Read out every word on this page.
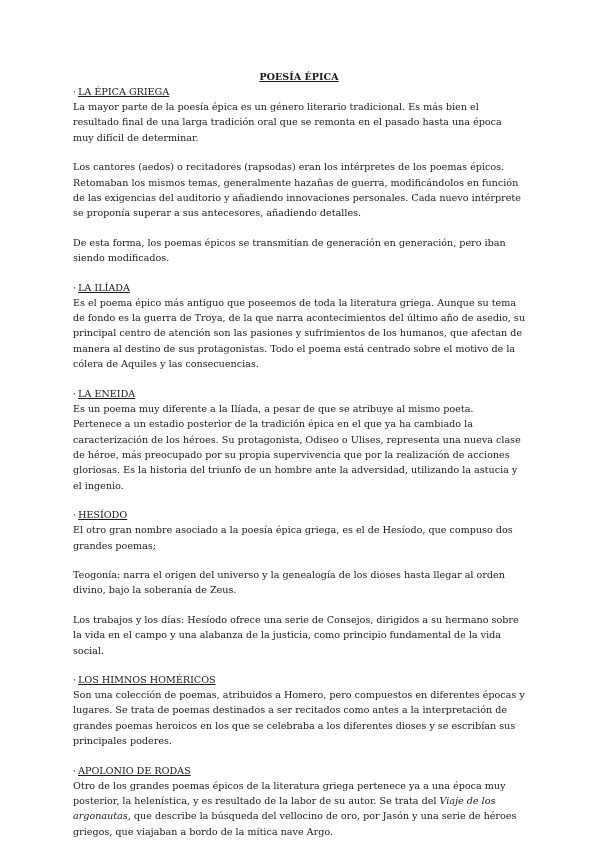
POESÍA ÉPICA

· LA ÉPICA GRIEGA

La mayor parte de la poesía épica es un género literario tradicional. Es más bien el resultado final de una larga tradición oral que se remonta en el pasado hasta una época muy difícil de determinar.

Los cantores (aedos) o recitadores (rapsodas) eran los intérpretes de los poemas épicos. Retomaban los mismos temas, generalmente hazañas de guerra, modificándolos en función de las exigencias del auditorio y añadiendo innovaciones personales. Cada nuevo intérprete se proponía superar a sus antecesores, añadiendo detalles.

De esta forma, los poemas épicos se transmitían de generación en generación, pero iban siendo modificados.

· LA ILÍADA

Es el poema épico más antiguo que poseemos de toda la literatura griega. Aunque su tema de fondo es la guerra de Troya, de la que narra acontecimientos del último año de asedio, su principal centro de atención son las pasiones y sufrimientos de los humanos, que afectan de manera al destino de sus protagonistas. Todo el poema está centrado sobre el motivo de la cólera de Aquiles y las consecuencias.

· LA ENEIDA

Es un poema muy diferente a la Ilíada, a pesar de que se atribuye al mismo poeta. Pertenece a un estadio posterior de la tradición épica en el que ya ha cambiado la caracterización de los héroes. Su protagonista, Odiseo o Ulises, representa una nueva clase de héroe, más preocupado por su propia supervivencia que por la realización de acciones gloriosas. Es la historia del triunfo de un hombre ante la adversidad, utilizando la astucia y el ingenio.

· HESÍODO

El otro gran nombre asociado a la poesía épica griega, es el de Hesíodo, que compuso dos grandes poemas;

Teogonía: narra el origen del universo y la genealogía de los dioses hasta llegar al orden divino, bajo la soberanía de Zeus.

Los trabajos y los días: Hesíodo ofrece una serie de Consejos, dirigidos a su hermano sobre la vida en el campo y una alabanza de la justicia, como principio fundamental de la vida social.

· LOS HIMNOS HOMÉRICOS

Son una colección de poemas, atribuidos a Homero, pero compuestos en diferentes épocas y lugares. Se trata de poemas destinados a ser recitados como antes a la interpretación de grandes poemas heroicos en los que se celebraba a los diferentes dioses y se escribían sus principales poderes.

· APOLONIO DE RODAS

Otro de los grandes poemas épicos de la literatura griega pertenece ya a una época muy posterior, la helenística, y es resultado de la labor de su autor. Se trata del Viaje de los argonautas, que describe la búsqueda del vellocino de oro, por Jasón y una serie de héroes griegos, que viajaban a bordo de la mítica nave Argo.
